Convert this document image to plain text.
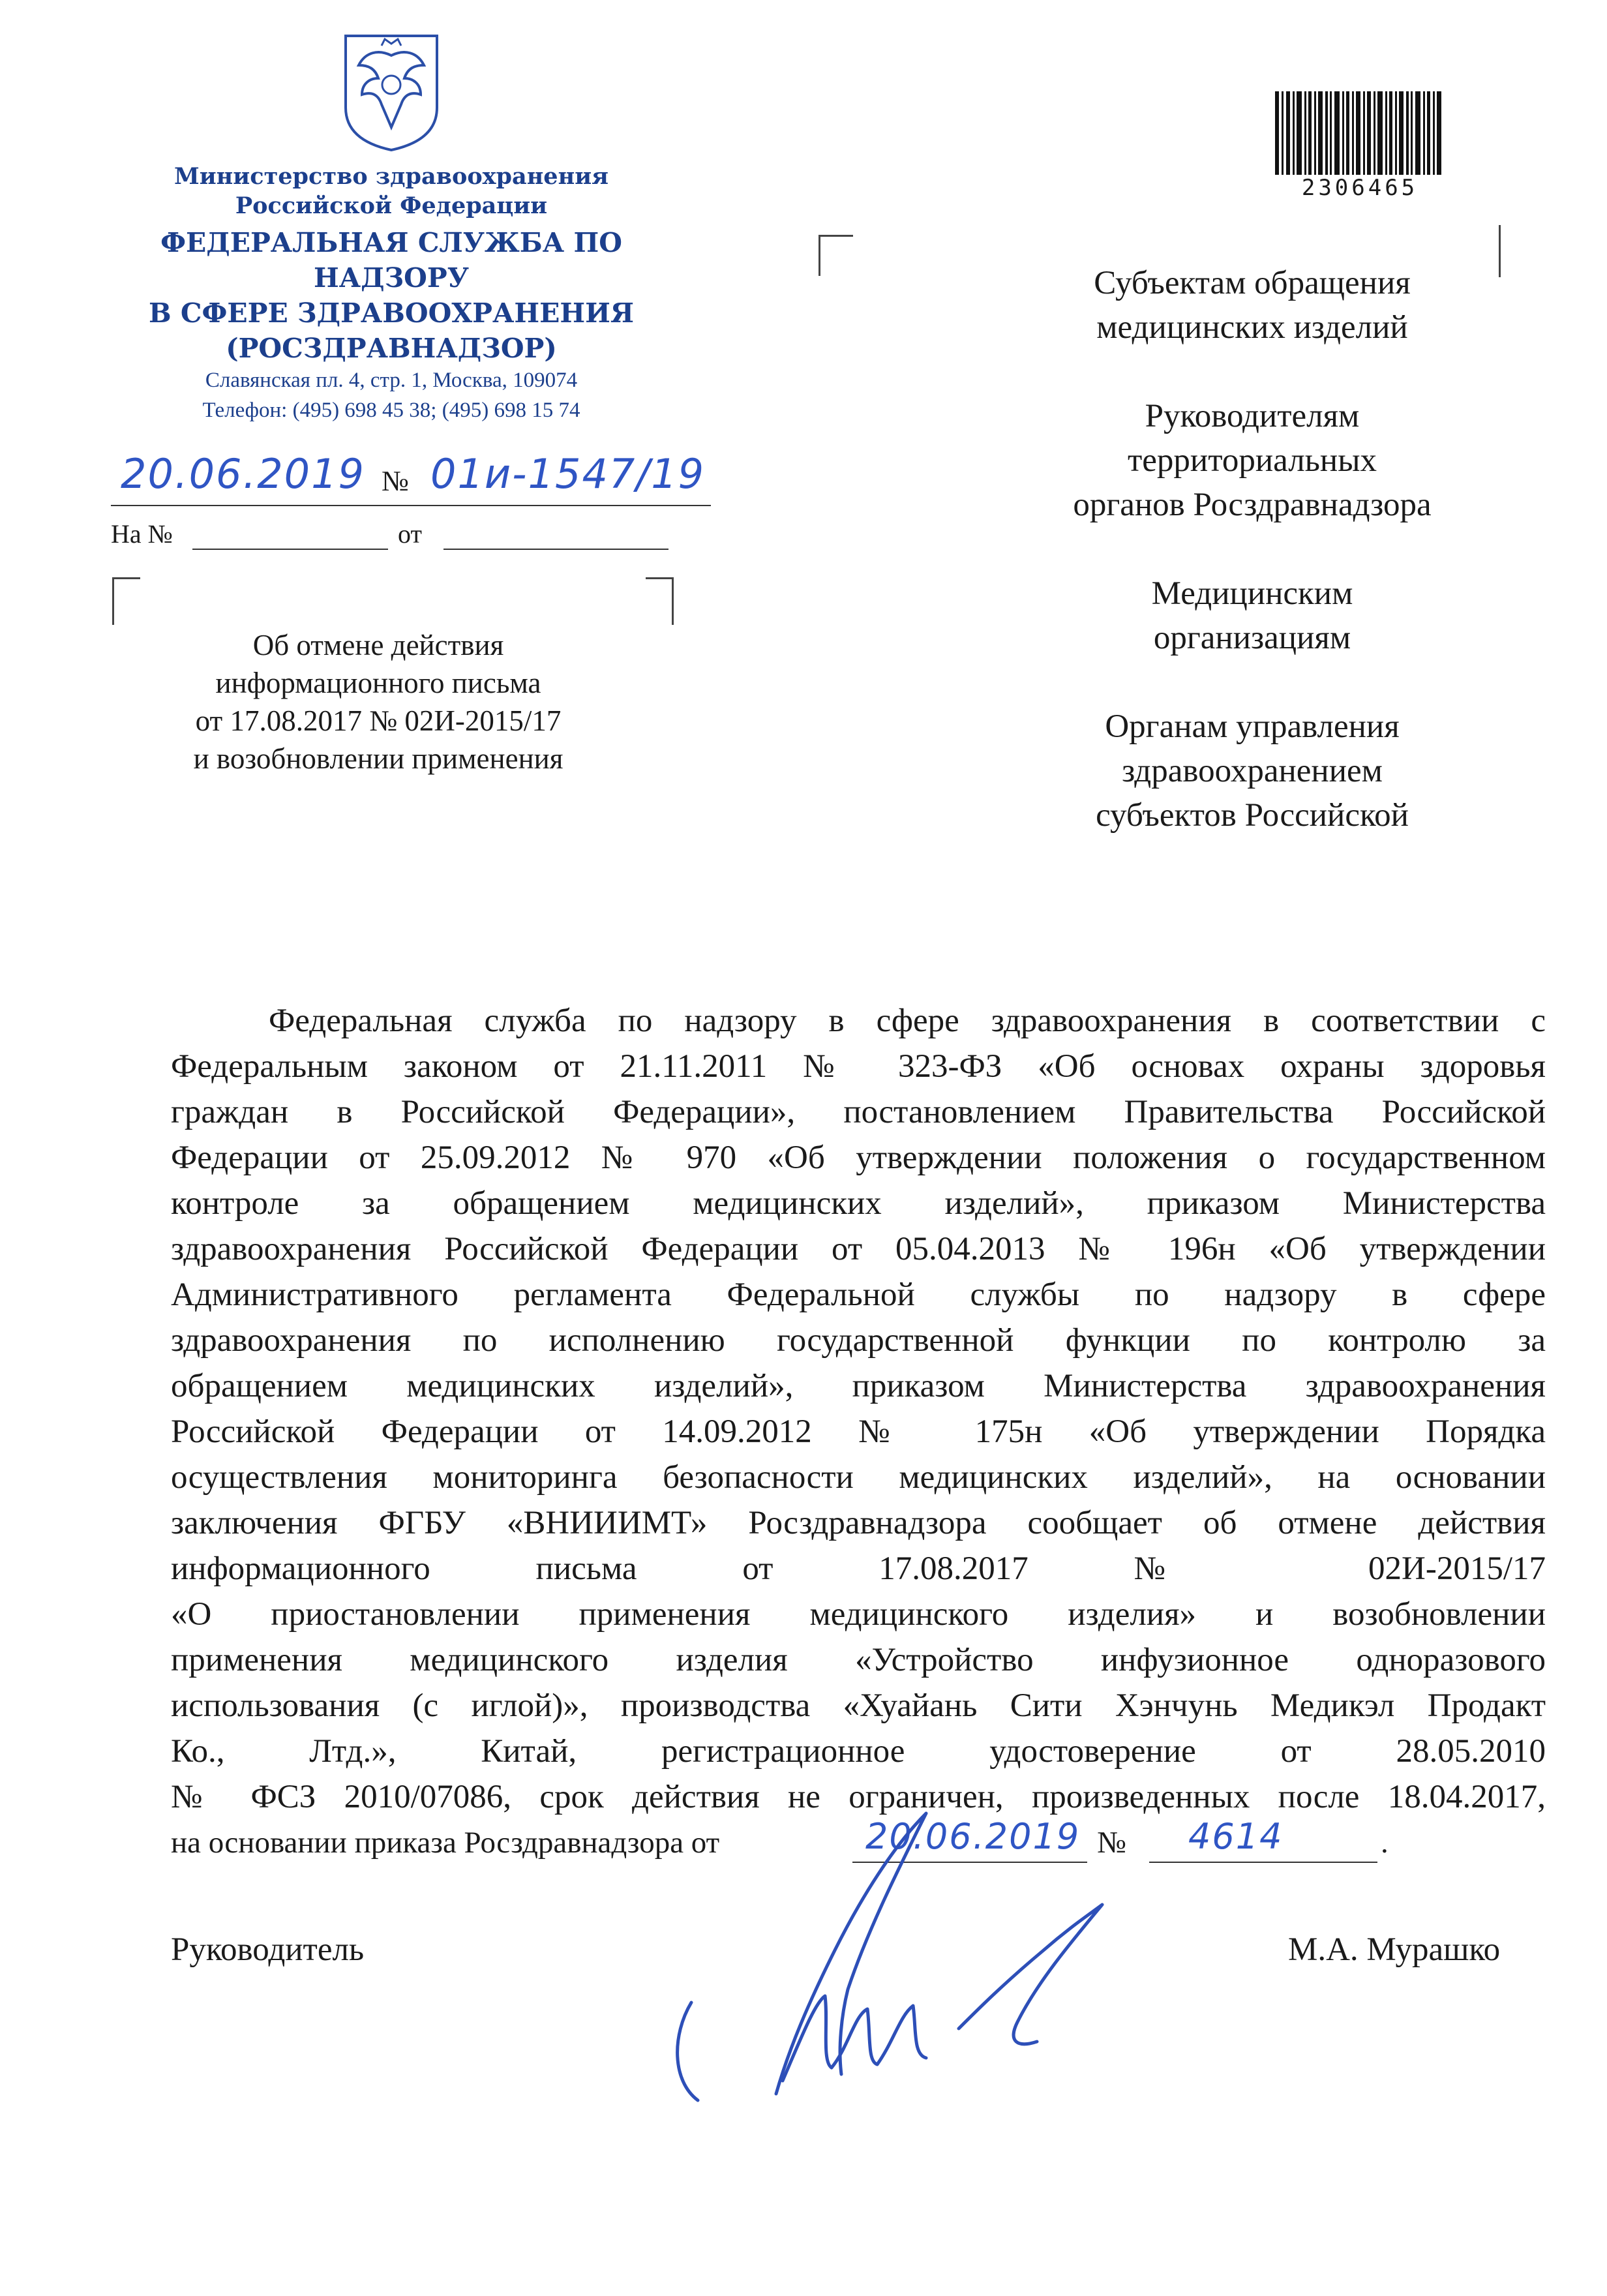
Министерство здравоохранения
Российской Федерации
ФЕДЕРАЛЬНАЯ СЛУЖБА ПО НАДЗОРУ
В СФЕРЕ ЗДРАВООХРАНЕНИЯ
(РОСЗДРАВНАДЗОР)
Славянская пл. 4, стр. 1, Москва, 109074
Телефон: (495) 698 45 38; (495) 698 15 74
20.06.2019 № 01и-1547/19
На №	от
2306465
Об отмене действия
информационного письма
от 17.08.2017 № 02И-2015/17
и возобновлении применения
Субъектам обращения
медицинских изделий
Руководителям
территориальных
органов Росздравнадзора
Медицинским
организациям
Органам управления
здравоохранением
субъектов Российской
Федеральная служба по надзору в сфере здравоохранения в соответствии с
Федеральным законом от 21.11.2011 № 323-ФЗ «Об основах охраны здоровья
граждан в Российской Федерации», постановлением Правительства Российской
Федерации от 25.09.2012 № 970 «Об утверждении положения о государственном
контроле за обращением медицинских изделий», приказом Министерства
здравоохранения Российской Федерации от 05.04.2013 № 196н «Об утверждении
Административного регламента Федеральной службы по надзору в сфере
здравоохранения по исполнению государственной функции по контролю за
обращением медицинских изделий», приказом Министерства здравоохранения
Российской Федерации от 14.09.2012 № 175н «Об утверждении Порядка
осуществления мониторинга безопасности медицинских изделий», на основании
заключения ФГБУ «ВНИИИМТ» Росздравнадзора сообщает об отмене действия
информационного письма от 17.08.2017 № 02И-2015/17
«О приостановлении применения медицинского изделия» и возобновлении
применения медицинского изделия «Устройство инфузионное одноразового
использования (с иглой)», производства «Хуайань Сити Хэнчунь Медикэл Продакт
Ко., Лтд.», Китай, регистрационное удостоверение от 28.05.2010
№ ФСЗ 2010/07086, срок действия не ограничен, произведенных после 18.04.2017,
на основании приказа Росздравнадзора от	20.06.2019 № 4614	.
Руководитель	М.А. Мурашко
